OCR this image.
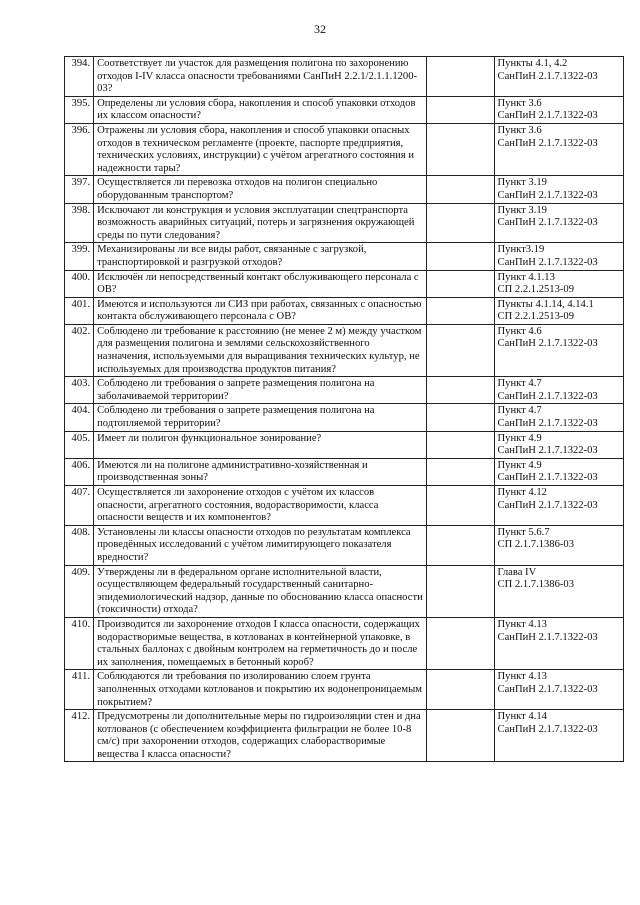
32
394.	Соответствует ли участок для размещения полигона по захоронению отходов I-IV класса опасности требованиями СанПиН 2.2.1/2.1.1.1200-03?		Пункты 4.1, 4.2
СанПиН 2.1.7.1322-03

395.	Определены ли условия сбора, накопления и способ упаковки отходов их классом опасности?		Пункт 3.6
СанПиН 2.1.7.1322-03

396.	Отражены ли условия сбора, накопления и способ упаковки опасных отходов в техническом регламенте (проекте, паспорте предприятия, технических условиях, инструкции) с учётом агрегатного состояния и надежности тары?		Пункт 3.6
СанПиН 2.1.7.1322-03

397.	Осуществляется ли перевозка отходов на полигон специально оборудованным транспортом?		Пункт 3.19
СанПиН 2.1.7.1322-03

398.	Исключают ли конструкция и условия эксплуатации спецтранспорта возможность аварийных ситуаций, потерь и загрязнения окружающей среды по пути следования?		Пункт 3.19
СанПиН 2.1.7.1322-03

399.	Механизированы ли все виды работ, связанные с загрузкой, транспортировкой и разгрузкой отходов?		Пункт3.19
СанПиН 2.1.7.1322-03

400.	Исключён ли непосредственный контакт обслуживающего персонала с ОВ?		Пункт 4.1.13
СП 2.2.1.2513-09

401.	Имеются и используются ли СИЗ при работах, связанных с опасностью контакта обслуживающего персонала с ОВ?		Пункты 4.1.14, 4.14.1
СП 2.2.1.2513-09

402.	Соблюдено ли требование к расстоянию (не менее 2 м) между участком для размещения полигона и землями сельскохозяйственного назначения, используемыми для выращивания технических культур, не используемых для производства продуктов питания?		Пункт 4.6
СанПиН 2.1.7.1322-03

403.	Соблюдено ли требования о запрете размещения полигона на заболачиваемой территории?		Пункт 4.7
СанПиН 2.1.7.1322-03

404.	Соблюдено ли требования о запрете размещения полигона на подтопляемой территории?		Пункт 4.7
СанПиН 2.1.7.1322-03

405.	Имеет ли полигон функциональное зонирование?		Пункт 4.9
СанПиН 2.1.7.1322-03

406.	Имеются ли на полигоне административно-хозяйственная и производственная зоны?		Пункт 4.9
СанПиН 2.1.7.1322-03

407.	Осуществляется ли захоронение отходов с учётом их классов опасности, агрегатного состояния, водорастворимости, класса опасности веществ и их компонентов?		Пункт 4.12
СанПиН 2.1.7.1322-03

408.	Установлены ли классы опасности отходов по результатам комплекса проведённых исследований с учётом лимитирующего показателя вредности?		Пункт 5.6.7
СП 2.1.7.1386-03

409.	Утверждены ли в федеральном органе исполнительной власти, осуществляющем федеральный государственный санитарно-эпидемиологический надзор, данные по обоснованию класса опасности (токсичности) отхода?		Глава IV
СП 2.1.7.1386-03

410.	Производится ли захоронение отходов I класса опасности, содержащих водорастворимые вещества, в котлованах в контейнерной упаковке, в стальных баллонах с двойным контролем на герметичность до и после их заполнения, помещаемых в бетонный короб?		Пункт 4.13
СанПиН 2.1.7.1322-03

411.	Соблюдаются ли требования по изолированию слоем грунта заполненных отходами котлованов и покрытию их водонепроницаемым покрытием?		Пункт 4.13
СанПиН 2.1.7.1322-03

412.	Предусмотрены ли дополнительные меры по гидроизоляции стен и дна котлованов (с обеспечением коэффициента фильтрации не более 10-8 см/с) при захоронении отходов, содержащих слаборастворимые вещества I класса опасности?		Пункт 4.14
СанПиН 2.1.7.1322-03
